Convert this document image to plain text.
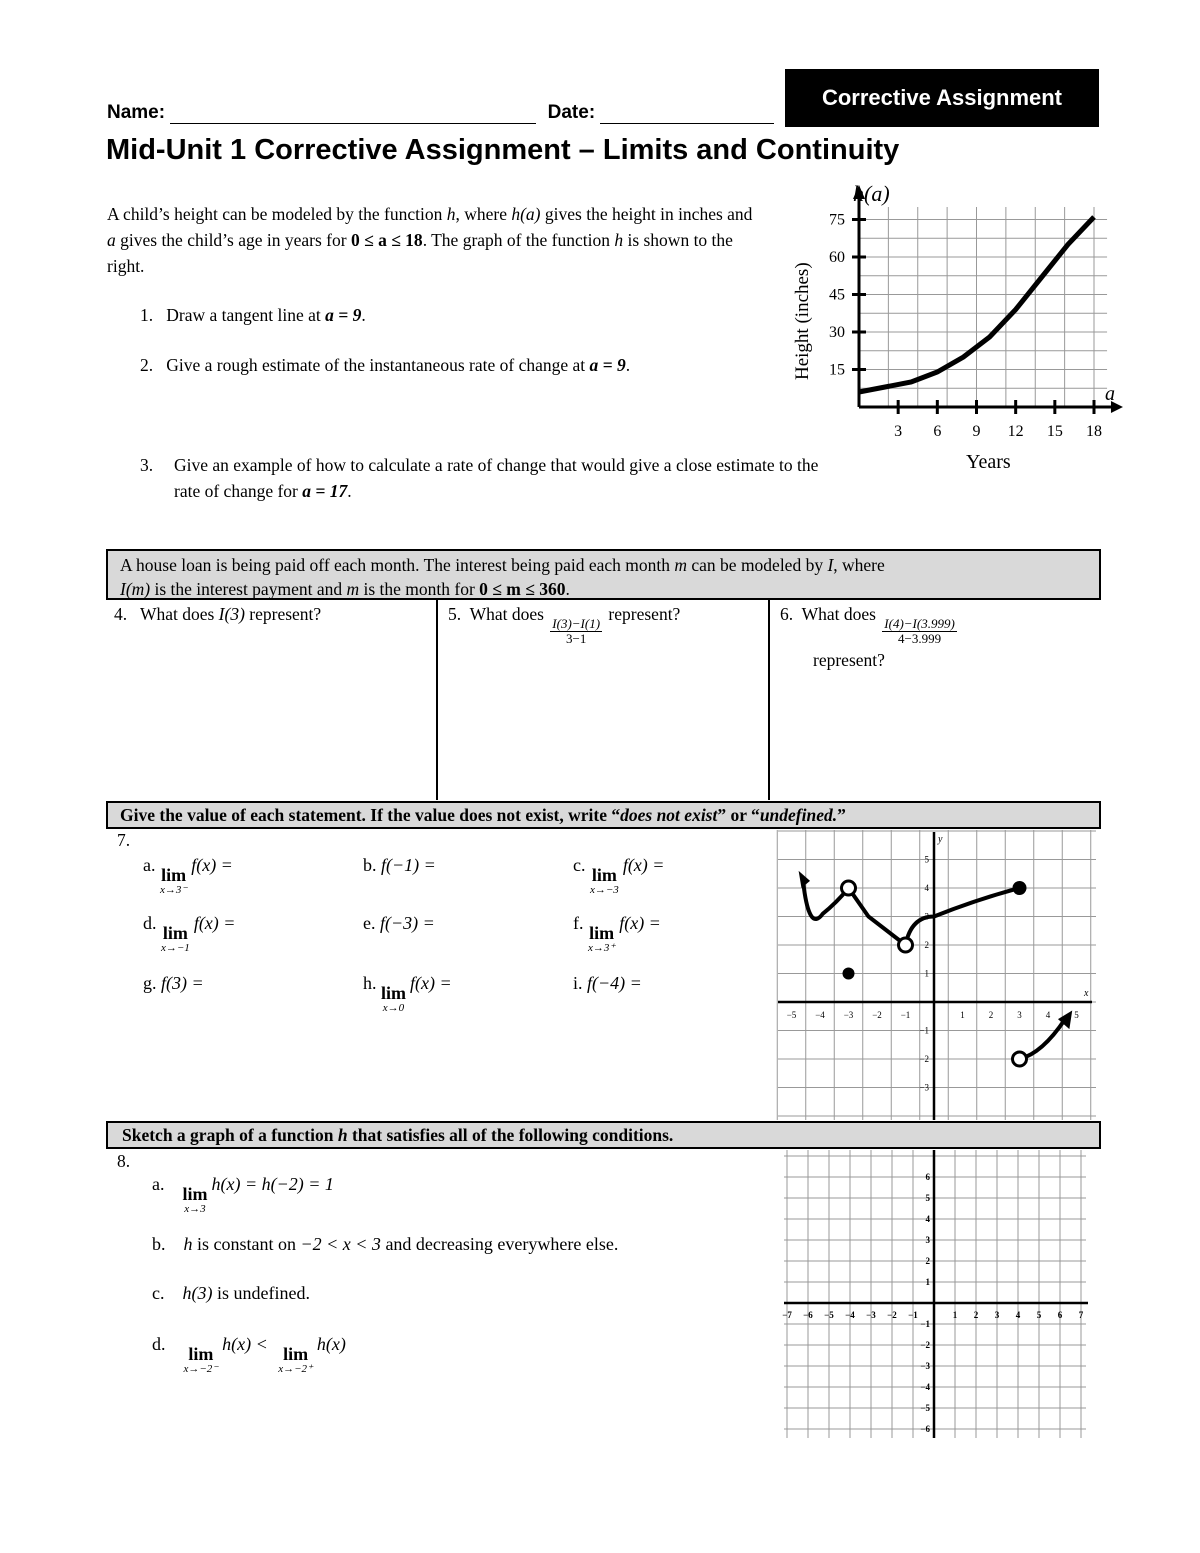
Name:	Date:
Corrective Assignment
Mid-Unit 1 Corrective Assignment – Limits and Continuity
A child’s height can be modeled by the function h, where h(a) gives the height in inches and a gives the child’s age in years for 0 ≤ a ≤ 18. The graph of the function h is shown to the right.
1. Draw a tangent line at a = 9.
2. Give a rough estimate of the instantaneous rate of change at a = 9.
3. Give an example of how to calculate a rate of change that would give a close estimate to the rate of change for a = 17.
h(a)
Height (inches)
Years
a
3 6 9 12 15 18
15
30
45
60
75
A house loan is being paid off each month. The interest being paid each month m can be modeled by I, where
I(m) is the interest payment and m is the month for 0 ≤ m ≤ 360.
4. What does I(3) represent?	5. What does
$\frac{I(3)-I(1)}{3-1}$
represent?	6. What does
$\frac{I(4)-I(3.999)}{4-3.999}$
represent?
Give the value of each statement. If the value does not exist, write “does not exist” or “undefined.”
7.
a. lim
x→3⁻
f(x) =	b. f(−1) =	c. lim
x→−3
f(x) =
d. lim
x→−1
f(x) =	e. f(−3) =	f. lim
x→3⁺
f(x) =
g. f(3) =	h. lim
x→0
f(x) =	i. f(−4) =
x
y
−5 −4 −3 −2 −1	1	2	3	4	5
5
4
3
2
1
−1
−2
−3
Sketch a graph of a function h that satisfies all of the following conditions.
8.
a. lim
x→3
h(x) = h(−2) = 1
b. h is constant on −2 < x < 3 and decreasing everywhere else.
c. h(3) is undefined.
d. lim
x→−2⁻
h(x) < lim
x→−2⁺
h(x)
−7 −6 −5 −4 −3 −2 −1	1 2 3 4 5 6 7
6
5
4
3
2
1
−1
−2
−3
−4
−5
−6
